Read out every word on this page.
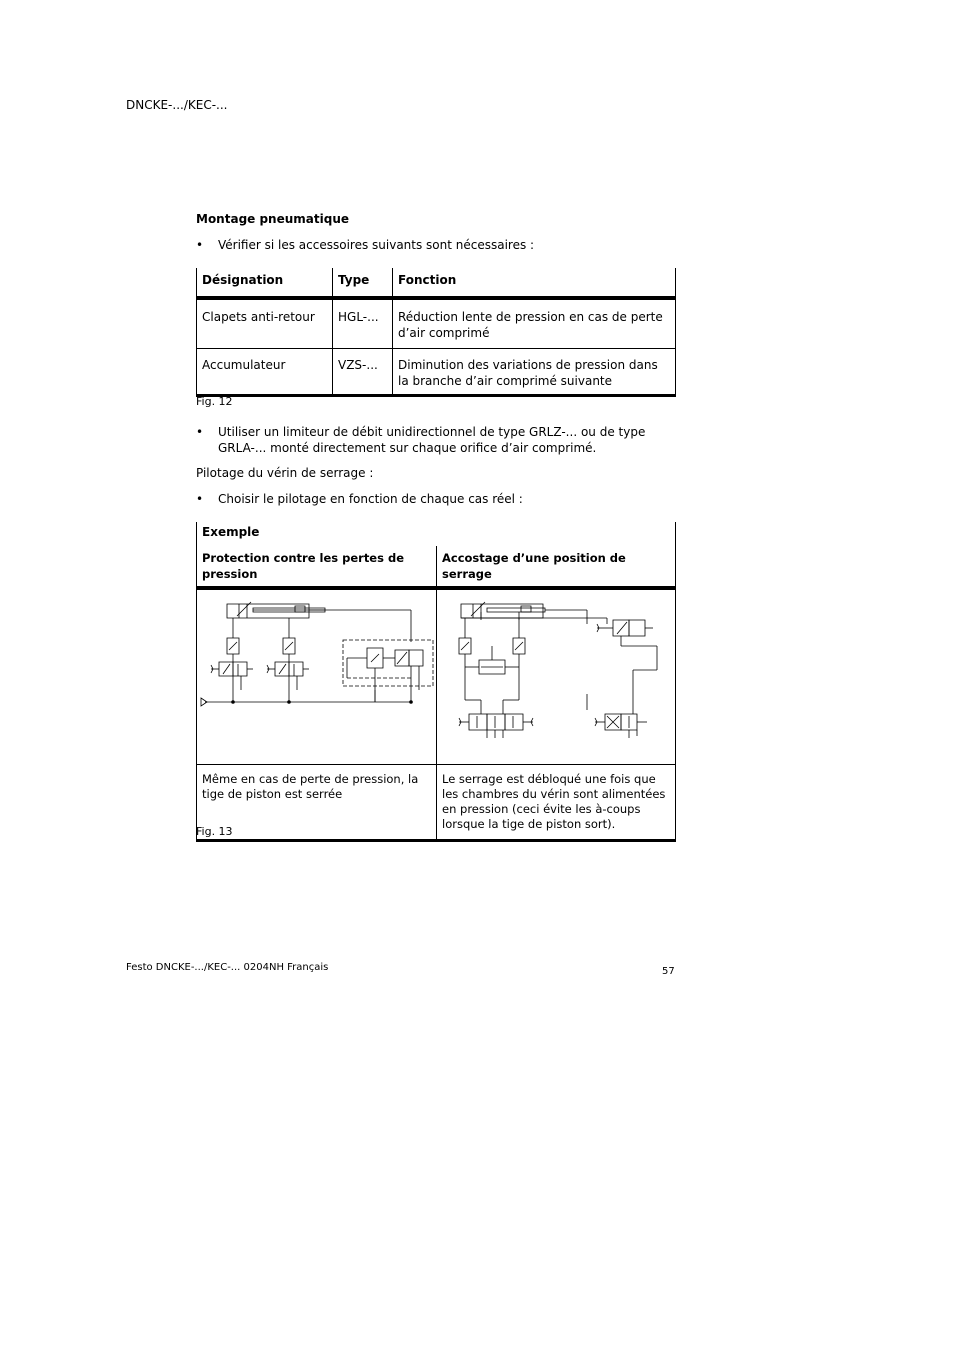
DNCKE-.../KEC-...
Montage pneumatique
• Vérifier si les accessoires suivants sont nécessaires :
Désignation	Type	Fonction
Clapets anti-retour	HGL-...	Réduction lente de pression en cas de perte d’air comprimé
Accumulateur	VZS-...	Diminution des variations de pression dans la branche d’air comprimé suivante
Fig. 12
• Utiliser un limiteur de débit unidirectionnel de type GRLZ-... ou de type GRLA-... monté directement sur chaque orifice d’air comprimé.
Pilotage du vérin de serrage :
• Choisir le pilotage en fonction de chaque cas réel :
Exemple	
Protection contre les pertes de pression	Accostage d’une position de serrage

Même en cas de perte de pression, la tige de piston est serrée	Le serrage est débloqué une fois que les chambres du vérin sont alimentées en pression (ceci évite les à-coups lorsque la tige de piston sort).
Fig. 13
Festo DNCKE-.../KEC-... 0204NH Français	57
